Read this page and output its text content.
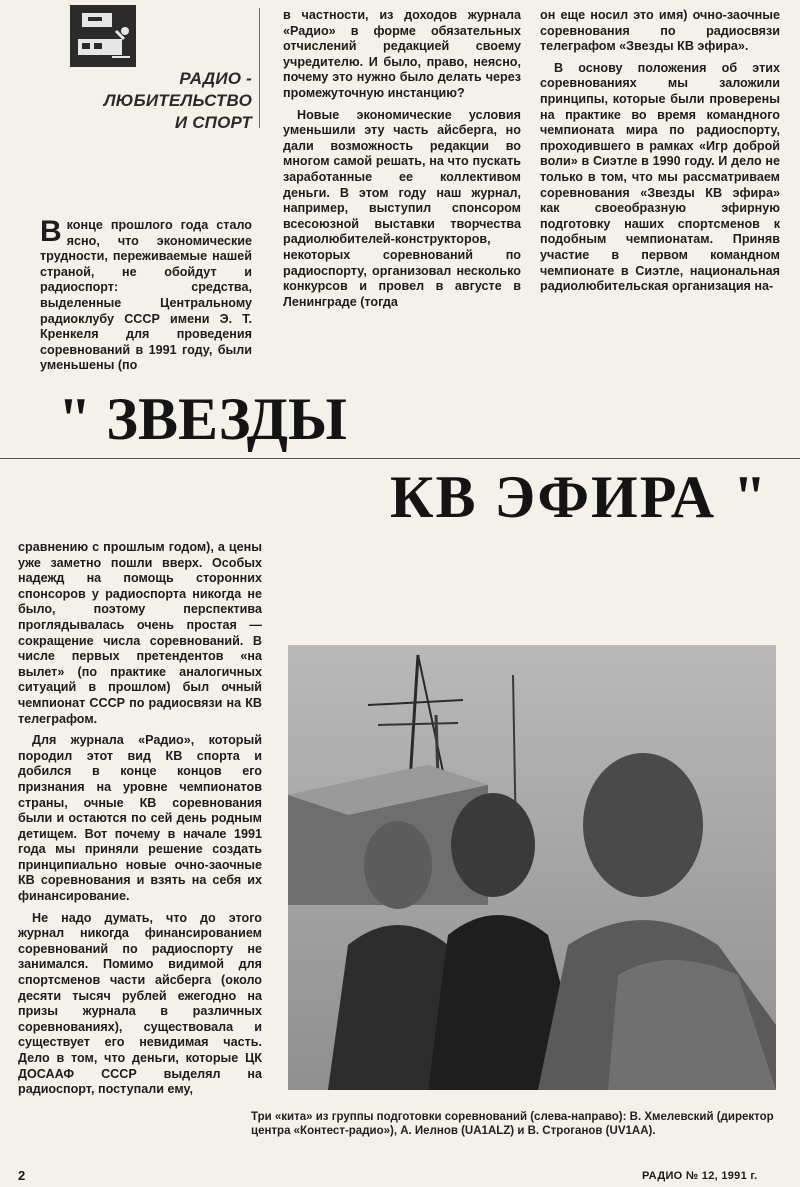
РАДИО -
ЛЮБИТЕЛЬСТВО
И СПОРТ

Вконце прошлого года стало ясно, что экономические трудности, переживаемые нашей страной, не обойдут и радиоспорт: средства, выделенные Центральному радиоклубу СССР имени Э. Т. Кренкеля для проведения соревнований в 1991 году, были уменьшены (по

в частности, из доходов журнала «Радио» в форме обязательных отчислений редакцией своему учредителю. И было, право, неясно, почему это нужно было делать через промежуточную инстанцию?

Новые экономические условия уменьшили эту часть айсберга, но дали возможность редакции во многом самой решать, на что пускать заработанные ее коллективом деньги. В этом году наш журнал, например, выступил спонсором всесоюзной выставки творчества радиолюбителей-конструкторов, некоторых соревнований по радиоспорту, организовал несколько конкурсов и провел в августе в Ленинграде (тогда

он еще носил это имя) очно-заочные соревнования по радиосвязи телеграфом «Звезды КВ эфира».

В основу положения об этих соревнованиях мы заложили принципы, которые были проверены на практике во время командного чемпионата мира по радиоспорту, проходившего в рамках «Игр доброй воли» в Сиэтле в 1990 году. И дело не только в том, что мы рассматриваем соревнования «Звезды КВ эфира» как своеобразную эфирную подготовку наших спортсменов к подобным чемпионатам. Приняв участие в первом командном чемпионате в Сиэтле, национальная радиолюбительская организация на-

" ЗВЕЗДЫ
КВ ЭФИРА "

сравнению с прошлым годом), а цены уже заметно пошли вверх. Особых надежд на помощь сторонних спонсоров у радиоспорта никогда не было, поэтому перспектива проглядывалась очень простая — сокращение числа соревнований. В числе первых претендентов «на вылет» (по практике аналогичных ситуаций в прошлом) был очный чемпионат СССР по радиосвязи на КВ телеграфом.

Для журнала «Радио», который породил этот вид КВ спорта и добился в конце концов его признания на уровне чемпионатов страны, очные КВ соревнования были и остаются по сей день родным детищем. Вот почему в начале 1991 года мы приняли решение создать принципиально новые очно-заочные КВ соревнования и взять на себя их финансирование.

Не надо думать, что до этого журнал никогда финансированием соревнований по радиоспорту не занимался. Помимо видимой для спортсменов части айсберга (около десяти тысяч рублей ежегодно на призы журнала в различных соревнованиях), существовала и существует его невидимая часть. Дело в том, что деньги, которые ЦК ДОСААФ СССР выделял на радиоспорт, поступали ему,

Три «кита» из группы подготовки соревнований (слева-направо): В. Хмелевский (директор центра «Контест-радио»), А. Иелнов (UA1ALZ) и В. Строганов (UV1AA).
2	РАДИО № 12, 1991 г.
